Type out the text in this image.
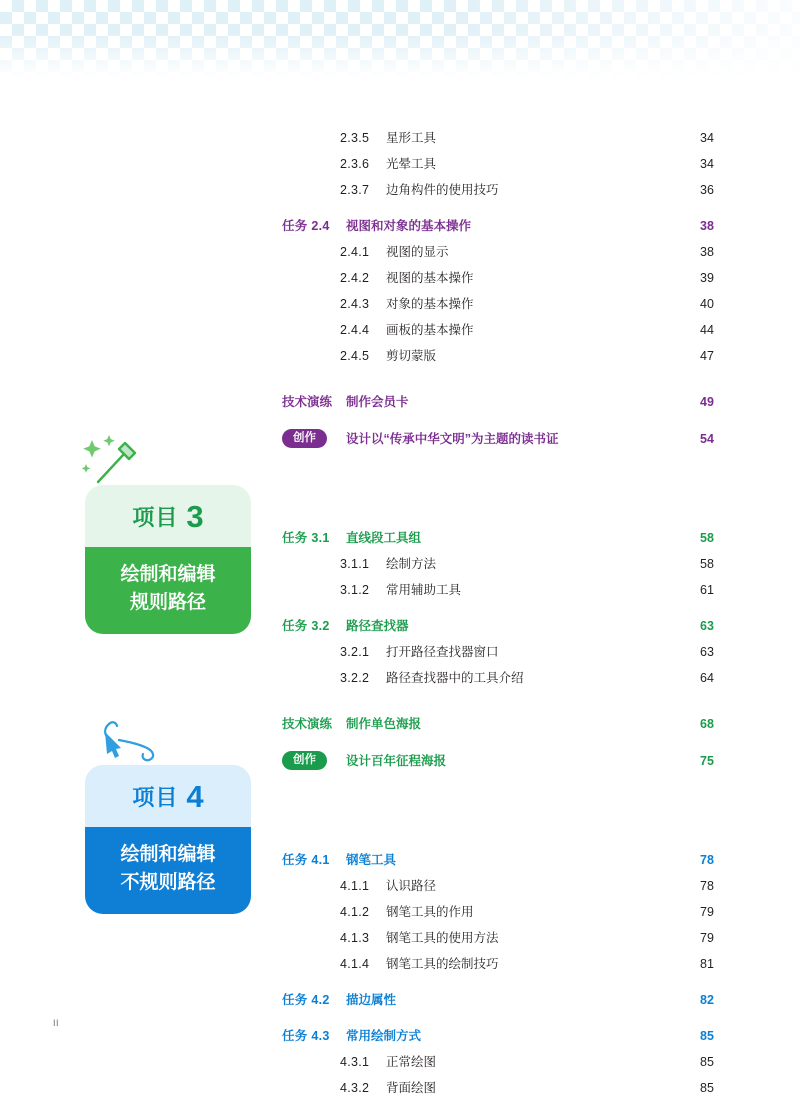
2.3.5 星形工具	34
2.3.6 光晕工具	34
2.3.7 边角构件的使用技巧	36
任务 2.4 视图和对象的基本操作	38
2.4.1 视图的显示	38
2.4.2 视图的基本操作	39
2.4.3 对象的基本操作	40
2.4.4 画板的基本操作	44
2.4.5 剪切蒙版	47
技术演练 制作会员卡	49
创作	设计以“传承中华文明”为主题的读书证	54
任务 3.1 直线段工具组	58
3.1.1 绘制方法	58
3.1.2 常用辅助工具	61
任务 3.2 路径查找器	63
3.2.1 打开路径查找器窗口	63
3.2.2 路径查找器中的工具介绍	64
技术演练 制作单色海报	68
创作	设计百年征程海报	75
任务 4.1 钢笔工具	78
4.1.1 认识路径	78
4.1.2 钢笔工具的作用	79
4.1.3 钢笔工具的使用方法	79
4.1.4 钢笔工具的绘制技巧	81
任务 4.2 描边属性	82
任务 4.3 常用绘制方式	85
4.3.1 正常绘图	85
4.3.2 背面绘图	85
项目 3
绘制和编辑
规则路径
项目 4
绘制和编辑
不规则路径
II
